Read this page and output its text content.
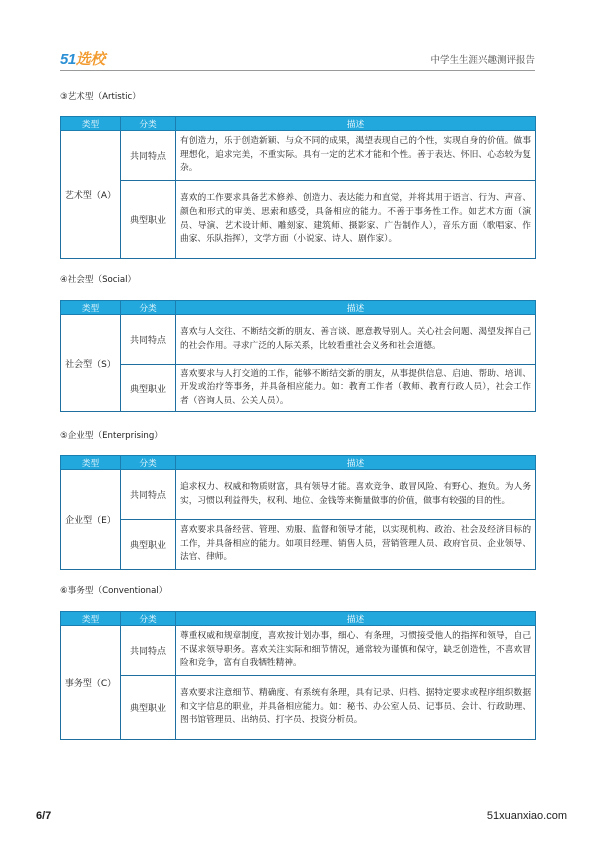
51选校	中学生生涯兴趣测评报告
③艺术型（Artistic）
类型	分类	描述
艺术型（A）	共同特点	有创造力，乐于创造新颖、与众不同的成果，渴望表现自己的个性，实现自身的价值。做事理想化，追求完美，不重实际。具有一定的艺术才能和个性。善于表达、怀旧、心态较为复杂。
	典型职业	喜欢的工作要求具备艺术修养、创造力、表达能力和直觉，并将其用于语言、行为、声音、颜色和形式的审美、思索和感受，具备相应的能力。不善于事务性工作。如艺术方面（演员、导演、艺术设计师、雕刻家、建筑师、摄影家、广告制作人），音乐方面（歌唱家、作曲家、乐队指挥），文学方面（小说家、诗人、剧作家）。
④社会型（Social）
类型	分类	描述
社会型（S）	共同特点	喜欢与人交往、不断结交新的朋友、善言谈、愿意教导别人。关心社会问题、渴望发挥自己的社会作用。寻求广泛的人际关系，比较看重社会义务和社会道德。
	典型职业	喜欢要求与人打交道的工作，能够不断结交新的朋友，从事提供信息、启迪、帮助、培训、开发或治疗等事务，并具备相应能力。如：教育工作者（教师、教育行政人员），社会工作者（咨询人员、公关人员）。
⑤企业型（Enterprising）
类型	分类	描述
企业型（E）	共同特点	追求权力、权威和物质财富，具有领导才能。喜欢竞争、敢冒风险、有野心、抱负。为人务实，习惯以利益得失，权利、地位、金钱等来衡量做事的价值，做事有较强的目的性。
	典型职业	喜欢要求具备经营、管理、劝服、监督和领导才能，以实现机构、政治、社会及经济目标的工作，并具备相应的能力。如项目经理、销售人员，营销管理人员、政府官员、企业领导、法官、律师。
⑥事务型（Conventional）
类型	分类	描述
事务型（C）	共同特点	尊重权威和规章制度，喜欢按计划办事，细心、有条理，习惯接受他人的指挥和领导，自己不谋求领导职务。喜欢关注实际和细节情况，通常较为谨慎和保守，缺乏创造性，不喜欢冒险和竞争，富有自我牺牲精神。
	典型职业	喜欢要求注意细节、精确度、有系统有条理，具有记录、归档、据特定要求或程序组织数据和文字信息的职业，并具备相应能力。如：秘书、办公室人员、记事员、会计、行政助理、图书馆管理员、出纳员、打字员、投资分析员。
6/7	51xuanxiao.com
